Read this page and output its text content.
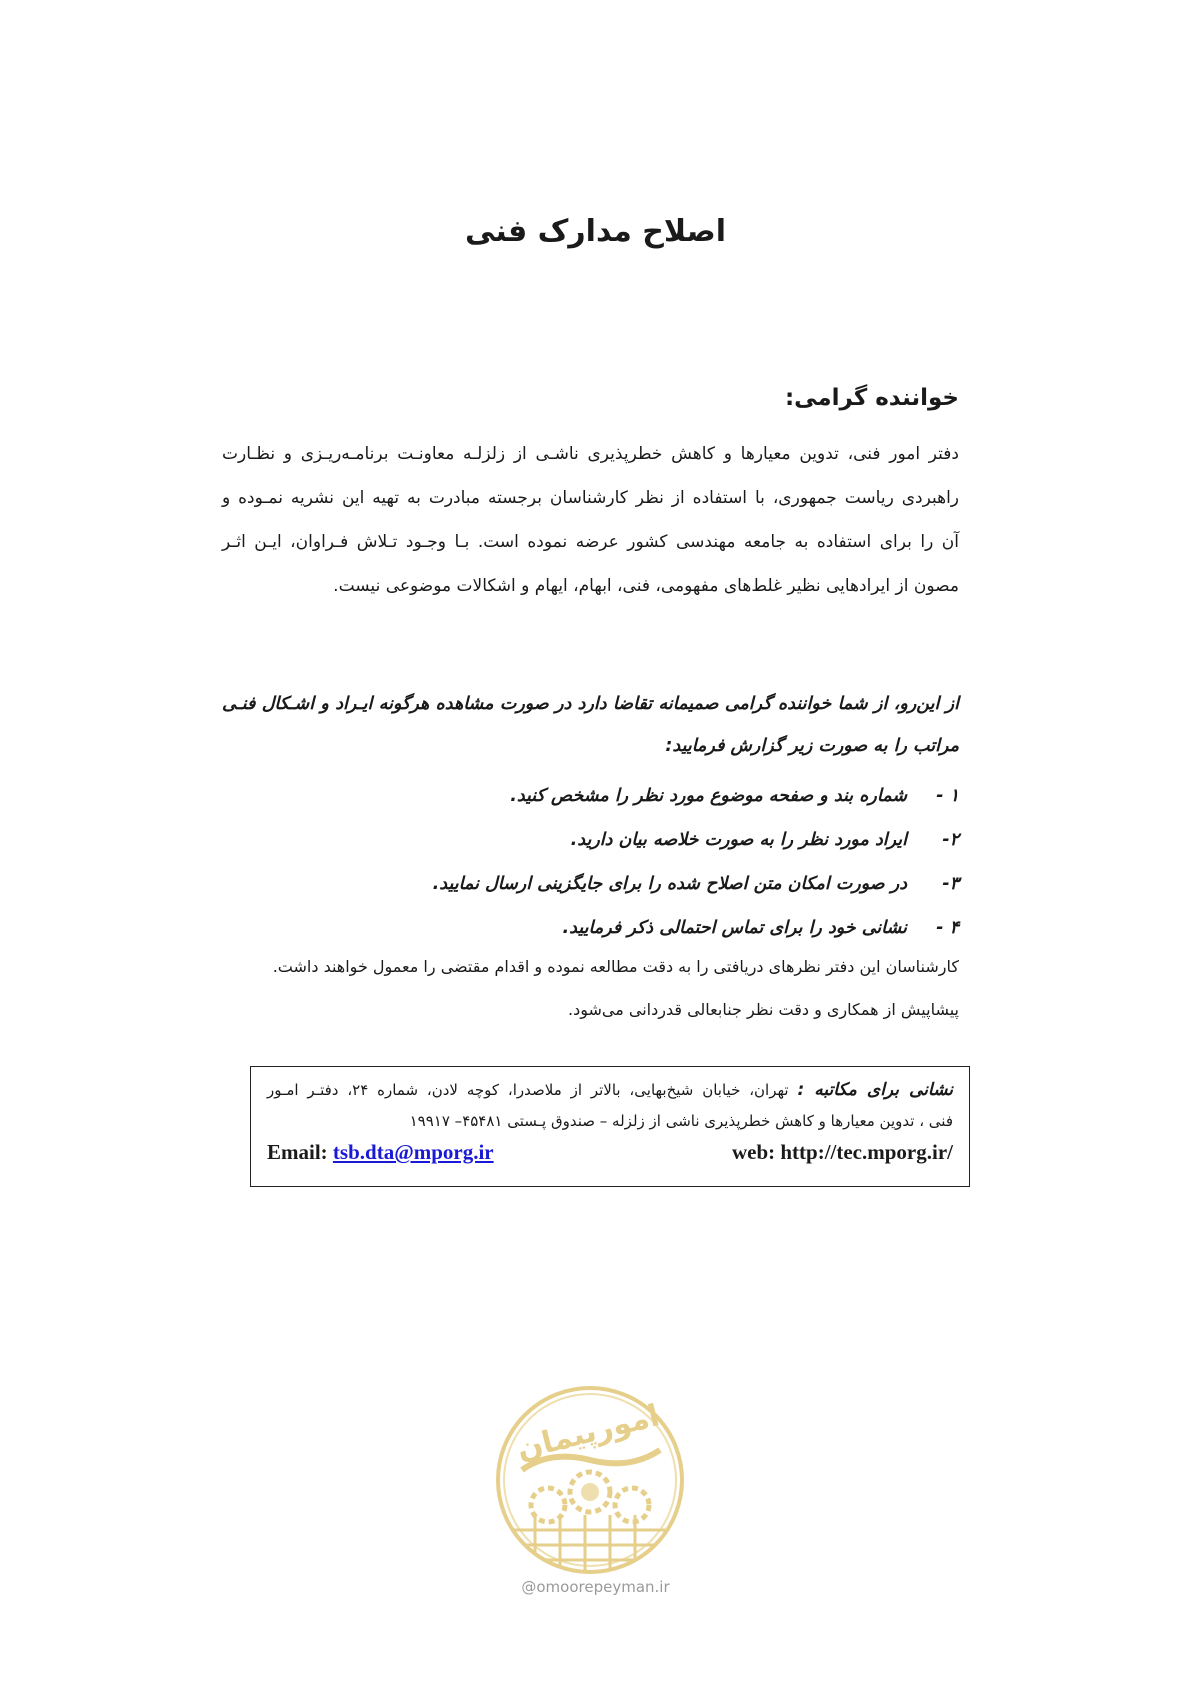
اصلاح مدارک فنی
خواننده گرامی:

دفتر امور فنی، تدوین معیارها و کاهش خطرپذیری ناشـی از زلزلـه معاونـت برنامـه‌ریـزی و نظـارت

راهبردی ریاست جمهوری، با استفاده از نظر کارشناسان برجسته مبادرت به تهیه این نشریه نمـوده و

آن را برای استفاده به جامعه مهندسی کشور عرضه نموده است. بـا وجـود تـلاش فـراوان، ایـن اثـر

مصون از ایرادهایی نظیر غلط‌های مفهومی، فنی، ابهام، ایهام و اشکالات موضوعی نیست.

از این‌رو، از شما خواننده گرامی صمیمانه تقاضا دارد در صورت مشاهده هرگونه ایـراد و اشـکال فنـی

مراتب را به صورت زیر گزارش فرمایید:

۱ -شماره بند و صفحه موضوع مورد نظر را مشخص کنید.
۲-ایراد مورد نظر را به صورت خلاصه بیان دارید.
۳-در صورت امکان متن اصلاح شده را برای جایگزینی ارسال نمایید.
۴ -نشانی خود را برای تماس احتمالی ذکر فرمایید.

کارشناسان این دفتر نظرهای دریافتی را به دقت مطالعه نموده و اقدام مقتضی را معمول خواهند داشت.

پیشاپیش از همکاری و دقت نظر جنابعالی قدردانی می‌شود.

نشانی برای مکاتبه : تهران، خیابان شیخ‌بهایی، بالاتر از ملاصدرا، کوچه لادن، شماره ۲۴، دفتـر امـور
فنی ، تدوین معیارها و کاهش خطرپذیری ناشی از زلزله – صندوق پـستی ۴۵۴۸۱– ۱۹۹۱۷
Email: tsb.dta@mporg.ir	web: http://tec.mporg.ir/
امورپیمان
@omoorepeyman.ir
